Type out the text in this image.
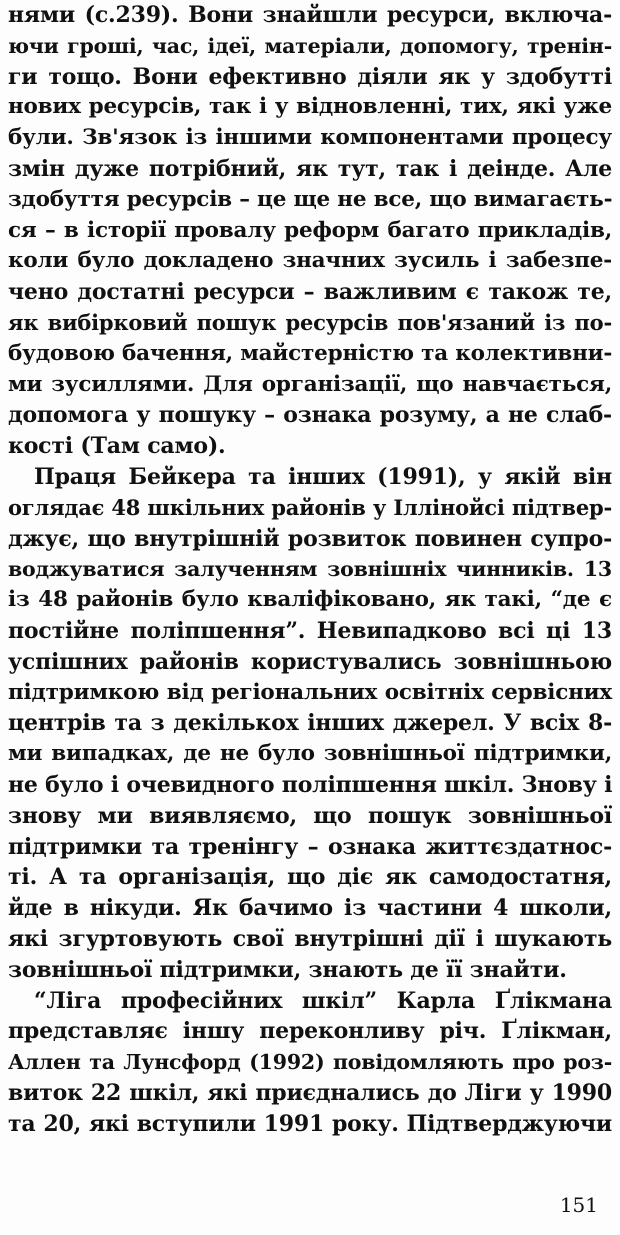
нями (с.239). Вони знайшли ресурси, включа-
ючи гроші, час, ідеї, матеріали, допомогу, тренін-
ги тощо. Вони ефективно діяли як у здобутті
нових ресурсів, так і у відновленні, тих, які уже
були. Зв'язок із іншими компонентами процесу
змін дуже потрібний, як тут, так і деінде. Але
здобуття ресурсів – це ще не все, що вимагаєть-
ся – в історії провалу реформ багато прикладів,
коли було докладено значних зусиль і забезпе-
чено достатні ресурси – важливим є також те,
як вибірковий пошук ресурсів пов'язаний із по-
будовою бачення, майстерністю та колективни-
ми зусиллями. Для організації, що навчається,
допомога у пошуку – ознака розуму, а не слаб-
кості (Там само).
Праця Бейкера та інших (1991), у якій він
оглядає 48 шкільних районів у Іллінойсі підтвер-
джує, що внутрішній розвиток повинен супро-
воджуватися залученням зовнішніх чинників. 13
із 48 районів було кваліфіковано, як такі, “де є
постійне поліпшення”. Невипадково всі ці 13
успішних районів користувались зовнішньою
підтримкою від регіональних освітніх сервісних
центрів та з декількох інших джерел. У всіх 8-
ми випадках, де не було зовнішньої підтримки,
не було і очевидного поліпшення шкіл. Знову і
знову ми виявляємо, що пошук зовнішньої
підтримки та тренінгу – ознака життєздатнос-
ті. А та організація, що діє як самодостатня,
йде в нікуди. Як бачимо із частини 4 школи,
які згуртовують свої внутрішні дії і шукають
зовнішньої підтримки, знають де її знайти.
“Ліга професійних шкіл” Карла Ґлікмана
представляє іншу переконливу річ. Ґлікман,
Аллен та Лунсфорд (1992) повідомляють про роз-
виток 22 шкіл, які приєднались до Ліги у 1990
та 20, які вступили 1991 року. Підтверджуючи
151
